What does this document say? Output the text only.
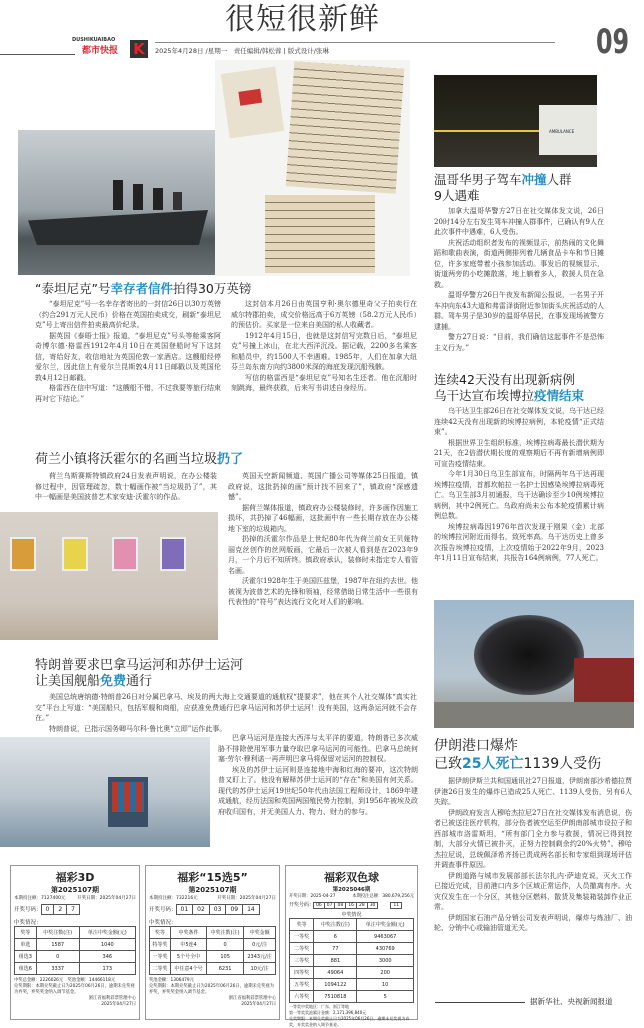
很短很新鲜
DUSHIKUAIBAO
都市快报 K	2025年4月28日 /星期一　责任编辑/韩松蓉 | 版式设计/张琳	09
“泰坦尼克”号幸存者信件拍得30万英镑

“泰坦尼克”号一名幸存者寄出的一封信26日以30万英镑（约合291万元人民币）价格在英国拍卖成交，刷新“泰坦尼克”号上寄出信件拍卖最高价纪录。

据英国《泰晤士报》报道，“泰坦尼克”号头等舱乘客阿奇博尔德·格雷西1912年4月10日在英国登船时写下这封信，寄给好友，收信地址为英国伦敦一家酒店。这艘船经停爱尔兰，因此信上有爱尔兰昆斯敦4月11日邮戳以及英国伦敦4月12日邮戳。

格雷西在信中写道：“这艘船不错，不过我要等旅行结束再对它下结论。”

这封信本月26日由英国亨利·奥尔德里奇父子拍卖行在威尔特郡拍卖，成交价格远高于6万英镑（58.2万元人民币）的预估价。买家是一位来自美国的私人收藏者。

1912年4月15日，也就是这封信写完数日后，“泰坦尼克”号撞上冰山，在北大西洋沉没。据记载，2200多名乘客和船员中，约1500人不幸遇难。1985年，人们在加拿大纽芬兰岛东南方向约3800米深的海底发现沉船残骸。

写信的格雷西是“泰坦尼克”号知名生还者。他在沉船时刻跳海，最终获救，后来写书讲述自身经历。

AMBULANCE
温哥华男子驾车冲撞人群
9人遇难

加拿大温哥华警方27日在社交媒体发文说，26日20时14分左右发生驾车冲撞人群事件，已确认有9人在此次事件中遇难，6人受伤。

庆祝活动组织者发布的视频显示，前热闹的文化舞蹈和歌曲表演，街道两侧排列着几辆食品卡车和节日摊位，许多家庭带着小孩参加活动。事发后的视频显示，街道两旁的小吃摊散落，地上躺着多人，救援人员在急救。

温哥华警方26日午夜发布新闻公报说，一名男子开车冲向东43大道和弗雷泽街附近参加街头庆祝活动的人群。驾车男子是30岁的温哥华居民，在事发现场被警方逮捕。

警方27日说：“目前，我们确信这起事件不是恐怖主义行为。”

连续42天没有出现新病例
乌干达宣布埃博拉疫情结束

乌干达卫生部26日在社交媒体发文说，乌干达已经连续42天没有出现新的埃博拉病例，本轮疫情“正式结束”。

根据世界卫生组织标准，埃博拉病毒最长潜伏期为21天，在2倍潜伏期长度的观察期后不再有新增病例即可宣告疫情结束。

今年1月30日乌卫生部宣布，时隔两年乌干达再现埃博拉疫情，首都坎帕拉一名护士因感染埃博拉病毒死亡。乌卫生部3月初通报，乌干达确诊至少10例埃博拉病例，其中2例死亡。乌政府尚未公布本轮疫情累计病例总数。

埃博拉病毒因1976年首次发现于刚果（金）北部的埃博拉河附近而得名，致死率高。乌干达历史上曾多次报告埃博拉疫情，上次疫情始于2022年9月，2023年1月11日宣布结束，共报告164例病例，77人死亡。

伊朗港口爆炸
已致25人死亡1139人受伤

据伊朗伊斯兰共和国通讯社27日报道，伊朗南部沙希德拉贾伊港26日发生的爆炸已造成25人死亡、1139人受伤，另有6人失踪。

伊朗政府发言人穆哈杰拉尼27日在社交媒体发布消息说，伤者已被送往医疗机构，部分伤者被空运至伊朗南部城市设拉子和西部城市洛雷斯坦，“所有部门全力参与救援，情况已得到控制，大部分火情已被扑灭，正努力控制剩余约20%火势”。穆哈杰拉尼说，总统佩泽希齐扬已责成两名部长和专家组到现场评估并调查事件原因。

伊朗道路与城市发展部部长法尔扎内·萨迪克说，灭火工作已接近完成，目前港口内多个区域正常运作，人员撤离有序。火灾仅发生在一个分区，其他分区燃料、散货及集装箱装卸作业正常。

伊朗国家石油产品分销公司发表声明说，爆炸与炼油厂、油轮、分销中心或输油管道无关。

据新华社、央视新闻报道
荷兰小镇将沃霍尔的名画当垃圾扔了

荷兰乌斯赛斯特镇政府24日发表声明说，在办公楼装修过程中，因管理疏忽，数十幅画作被“当垃圾扔了”，其中一幅画是美国波普艺术家安迪·沃霍尔的作品。

英国天空新闻频道、英国广播公司等媒体25日报道，镇政府说，这批扔掉的画“预计找不回来了”，镇政府“深感遗憾”。

据荷兰媒体报道，镇政府办公楼装修时，许多画作因施工损坏，共扔掉了46幅画，这批画中有一些长期存放在办公楼地下室的垃圾箱内。

扔掉的沃霍尔作品是上世纪80年代为荷兰前女王贝娅特丽克丝创作的丝网版画，它最后一次被人看到是在2023年9月，一个月后不知所终。镇政府承认，装修时未指定专人看管名画。

沃霍尔1928年生于美国匹兹堡，1987年在纽约去世。他被视为波普艺术的先锋和领袖，经常借助日常生活中一些很有代表性的“符号”表达流行文化对人们的影响。

特朗普要求巴拿马运河和苏伊士运河
让美国舰船免费通行

美国总统唐纳德·特朗普26日对分属巴拿马、埃及的两大海上交通要道的通航权“提要求”，他在其个人社交媒体“真实社交”平台上写道：“美国船只，包括军舰和商船，应获准免费通行巴拿马运河和苏伊士运河！没有美国，这两条运河就不会存在。”

特朗普说，已指示国务卿马尔科·鲁比奥“立即”运作此事。

巴拿马运河是连接大西洋与太平洋的要道，特朗普已多次威胁不排除使用军事力量夺取巴拿马运河的可能性。巴拿马总统何塞·劳尔·穆利诺一再声明巴拿马将保留对运河的控制权。

埃及的苏伊士运河则是连接地中海和红海的要冲，这次特朗普又盯上了。他没有解释苏伊士运河的“存在”和美国有何关系。现代的苏伊士运河19世纪50年代由法国工程师设计，1869年建成通航，经历法国和英国两国殖民势力控制，到1956年被埃及政府收归国有，并无美国人力、物力、财力的参与。

福彩3D
第2025107期
本期投注额：7127400元	开奖日期：2025年04月27日
开奖号码： 0 2 7
中奖情况：
奖等	中奖注数(注)	单注中奖金额(元)
单选	1587	1040
组选3	0	346
组选6	3337	173
中奖总金额：2226026元　奖池金额：14466118元
兑奖期限：本期兑奖截止日为2025年06月26日，逾期未兑奖视为弃奖，弃奖奖金纳入调节基金。
浙江省福利彩票管理中心
2025年04月27日
福彩“15选5”
第2025107期
本期投注额：732216元	开奖日期：2025年04月27日
开奖号码： 01 02 03 09 14
中奖情况：
奖等	中奖条件	中奖注数(注)	中奖金额
特等奖	中5连4	0	0元/注
一等奖	5个号全中	105	2343元/注
二等奖	中任意4个号	6231	10元/注
奖池金额：1306479元
兑奖期限：本期兑奖截止日为2025年06月26日，逾期未兑奖视为弃奖，弃奖奖金纳入调节基金。
浙江省福利彩票管理中心
2025年04月27日
福彩双色球
第2025046期
开奖日期：2025-04-27	本期投注总额：380,679,256元
开奖号码： 06 07 08 16 28 30	11
中奖情况
奖等	中奖注数(注)	单注中奖金额(元)
一等奖	6	9463067
二等奖	77	430769
三等奖	881	3000
四等奖	49064	200
五等奖	1094122	10
六等奖	7510818	5
一等奖中奖地区：广东、浙江等地
第一等奖奖池累计金额：2,171,396,840元
兑奖期限：本期兑奖截止日为2025年06月26日，逾期未兑奖视为弃奖，弃奖奖金纳入调节基金。
